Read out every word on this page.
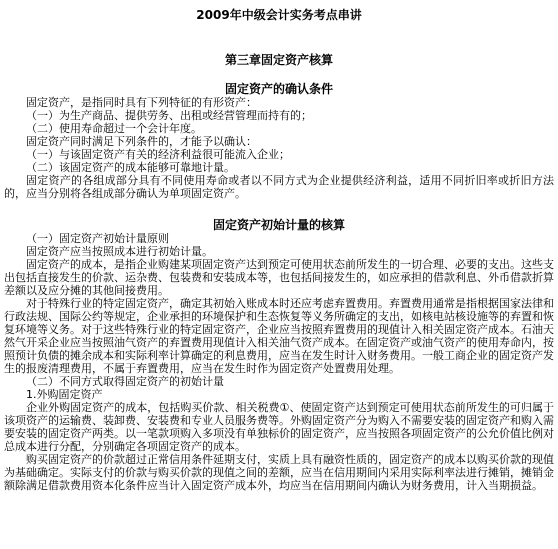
2009年中级会计实务考点串讲
第三章固定资产核算
固定资产的确认条件

固定资产，是指同时具有下列特征的有形资产：

（一）为生产商品、提供劳务、出租或经营管理而持有的；

（二）使用寿命超过一个会计年度。

固定资产同时满足下列条件的，才能予以确认：

（一）与该固定资产有关的经济利益很可能流入企业；

（二）该固定资产的成本能够可靠地计量。

固定资产的各组成部分具有不同使用寿命或者以不同方式为企业提供经济利益，适用不同折旧率或折旧方法的，应当分别将各组成部分确认为单项固定资产。

固定资产初始计量的核算

（一）固定资产初始计量原则

固定资产应当按照成本进行初始计量。

固定资产的成本，是指企业购建某项固定资产达到预定可使用状态前所发生的一切合理、必要的支出。这些支出包括直接发生的价款、运杂费、包装费和安装成本等，也包括间接发生的，如应承担的借款利息、外币借款折算差额以及应分摊的其他间接费用。

对于特殊行业的特定固定资产，确定其初始入账成本时还应考虑弃置费用。弃置费用通常是指根据国家法律和行政法规、国际公约等规定，企业承担的环境保护和生态恢复等义务所确定的支出，如核电站核设施等的弃置和恢复环境等义务。对于这些特殊行业的特定固定资产，企业应当按照弃置费用的现值计入相关固定资产成本。石油天然气开采企业应当按照油气资产的弃置费用现值计入相关油气资产成本。在固定资产或油气资产的使用寿命内，按照预计负债的摊余成本和实际利率计算确定的利息费用，应当在发生时计入财务费用。一般工商企业的固定资产发生的报废清理费用，不属于弃置费用，应当在发生时作为固定资产处置费用处理。

（二）不同方式取得固定资产的初始计量

1.外购固定资产

企业外购固定资产的成本，包括购买价款、相关税费①、使固定资产达到预定可使用状态前所发生的可归属于该项资产的运输费、装卸费、安装费和专业人员服务费等。外购固定资产分为购入不需要安装的固定资产和购入需要安装的固定资产两类。以一笔款项购入多项没有单独标价的固定资产，应当按照各项固定资产的公允价值比例对总成本进行分配，分别确定各项固定资产的成本。

购买固定资产的价款超过正常信用条件延期支付，实质上具有融资性质的，固定资产的成本以购买价款的现值为基础确定。实际支付的价款与购买价款的现值之间的差额，应当在信用期间内采用实际利率法进行摊销，摊销金额除满足借款费用资本化条件应当计入固定资产成本外，均应当在信用期间内确认为财务费用，计入当期损益。
